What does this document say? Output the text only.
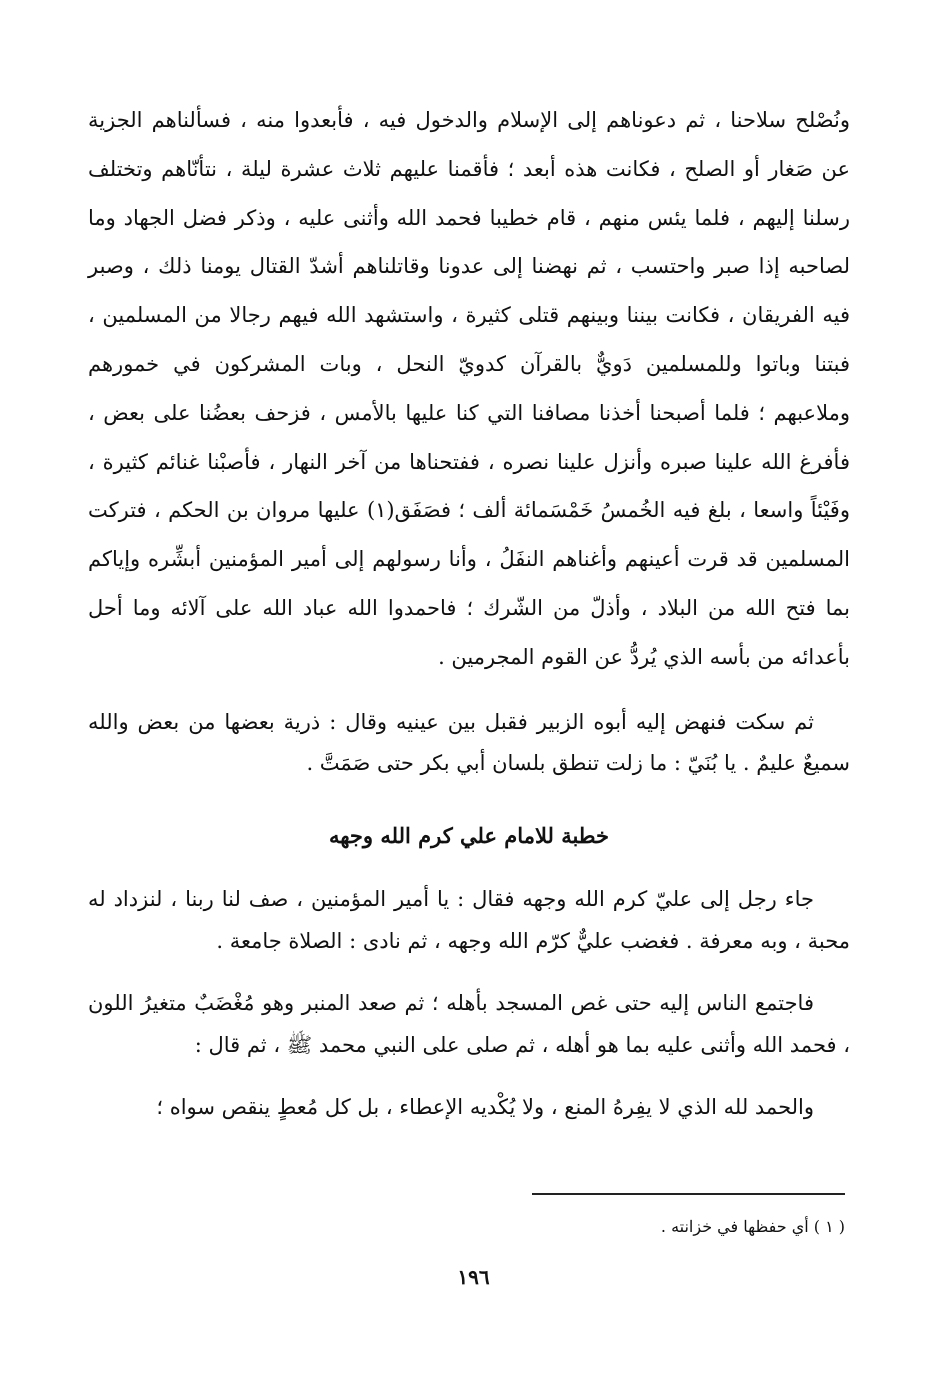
ونُصْلح سلاحنا ، ثم دعوناهم إلى الإسلام والدخول فيه ، فأبعدوا منه ، فسألناهم الجزية عن صَغار أو الصلح ، فكانت هذه أبعد ؛ فأقمنا عليهم ثلاث عشرة ليلة ، نتأنّاهم وتختلف رسلنا إليهم ، فلما يئس منهم ، قام خطيبا فحمد الله وأثنى عليه ، وذكر فضل الجهاد وما لصاحبه إذا صبر واحتسب ، ثم نهضنا إلى عدونا وقاتلناهم أشدّ القتال يومنا ذلك ، وصبر فيه الفريقان ، فكانت بيننا وبينهم قتلى كثيرة ، واستشهد الله فيهم رجالا من المسلمين ، فبتنا وباتوا وللمسلمين دَويٌّ بالقرآن كدويّ النحل ، وبات المشركون في خمورهم وملاعبهم ؛ فلما أصبحنا أخذنا مصافنا التي كنا عليها بالأمس ، فزحف بعضُنا على بعض ، فأفرغ الله علينا صبره وأنزل علينا نصره ، ففتحناها من آخر النهار ، فأصبْنا غنائم كثيرة ، وفَيْئاً واسعا ، بلغ فيه الخُمسُ خَمْسَمائة ألف ؛ فصَفَق(١) عليها مروان بن الحكم ، فتركت المسلمين قد قرت أعينهم وأغناهم النفَلُ ، وأنا رسولهم إلى أمير المؤمنين أبشِّره وإياكم بما فتح الله من البلاد ، وأذلّ من الشّرك ؛ فاحمدوا الله عباد الله على آلائه وما أحل بأعدائه من بأسه الذي يُردُّ عن القوم المجرمين .

ثم سكت فنهض إليه أبوه الزبير فقبل بين عينيه وقال : ذرية بعضها من بعض والله سميعٌ عليمٌ . يا بُنَيّ : ما زلت تنطق بلسان أبي بكر حتى صَمَتَّ .

خطبة للامام علي كرم الله وجهه

جاء رجل إلى عليّ كرم الله وجهه فقال : يا أمير المؤمنين ، صف لنا ربنا ، لنزداد له محبة ، وبه معرفة . فغضب عليٌّ كرّم الله وجهه ، ثم نادى : الصلاة جامعة .

فاجتمع الناس إليه حتى غص المسجد بأهله ؛ ثم صعد المنبر وهو مُغْضَبٌ متغيرُ اللون ، فحمد الله وأثنى عليه بما هو أهله ، ثم صلى على النبي محمد ﷺ ، ثم قال :

والحمد لله الذي لا يفِرهُ المنع ، ولا يُكْديه الإعطاء ، بل كل مُعطٍ ينقص سواه ؛

( ١ ) أي حفظها في خزانته .
١٩٦
